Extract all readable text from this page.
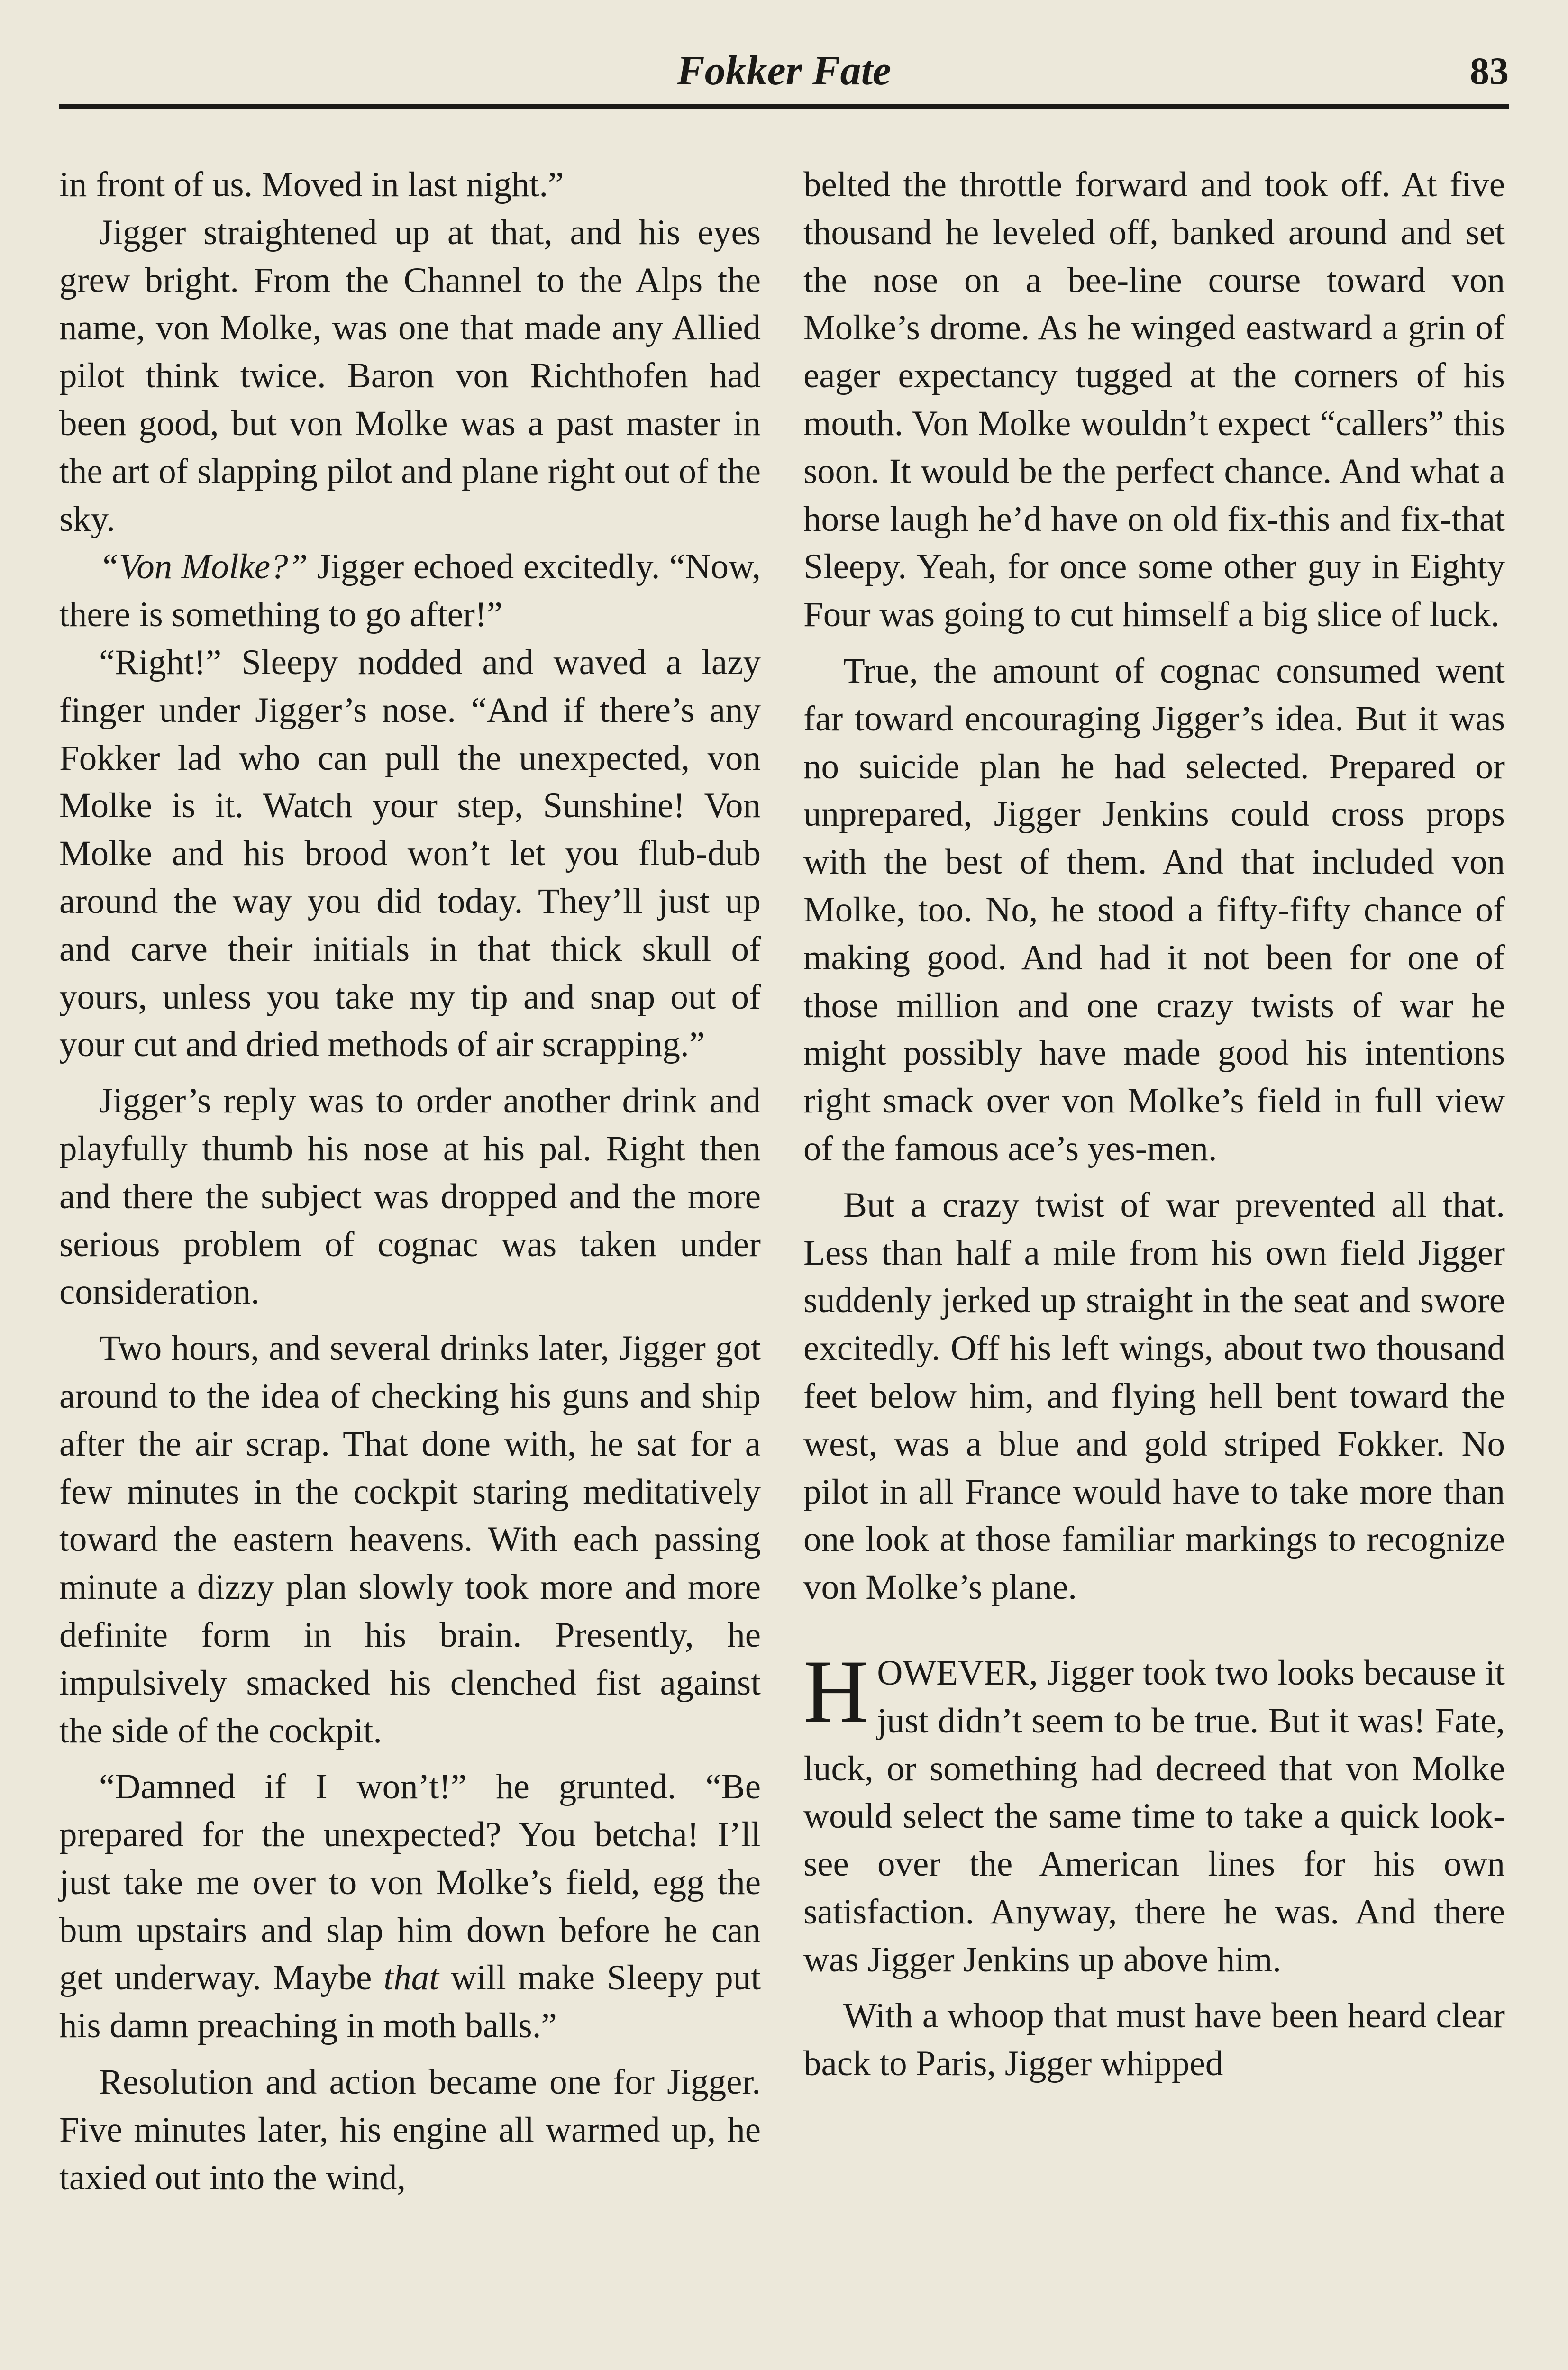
Fokker Fate	83

in front of us. Moved in last night.”

Jigger straightened up at that, and his eyes grew bright. From the Channel to the Alps the name, von Molke, was one that made any Allied pilot think twice. Baron von Richthofen had been good, but von Molke was a past master in the art of slapping pilot and plane right out of the sky.

“Von Molke?” Jigger echoed excitedly. “Now, there is something to go after!”

“Right!” Sleepy nodded and waved a lazy finger under Jigger’s nose. “And if there’s any Fokker lad who can pull the unexpected, von Molke is it. Watch your step, Sunshine! Von Molke and his brood won’t let you flub-dub around the way you did today. They’ll just up and carve their initials in that thick skull of yours, unless you take my tip and snap out of your cut and dried methods of air scrapping.”

Jigger’s reply was to order another drink and playfully thumb his nose at his pal. Right then and there the subject was dropped and the more serious problem of cognac was taken under consideration.

Two hours, and several drinks later, Jigger got around to the idea of checking his guns and ship after the air scrap. That done with, he sat for a few minutes in the cockpit staring meditatively toward the eastern heavens. With each passing minute a dizzy plan slowly took more and more definite form in his brain. Presently, he impulsively smacked his clenched fist against the side of the cockpit.

“Damned if I won’t!” he grunted. “Be prepared for the unexpected? You betcha! I’ll just take me over to von Molke’s field, egg the bum upstairs and slap him down before he can get underway. Maybe that will make Sleepy put his damn preaching in moth balls.”

Resolution and action became one for Jigger. Five minutes later, his engine all warmed up, he taxied out into the wind,

belted the throttle forward and took off. At five thousand he leveled off, banked around and set the nose on a bee-line course toward von Molke’s drome. As he winged eastward a grin of eager expectancy tugged at the corners of his mouth. Von Molke wouldn’t expect “callers” this soon. It would be the perfect chance. And what a horse laugh he’d have on old fix-this and fix-that Sleepy. Yeah, for once some other guy in Eighty Four was going to cut himself a big slice of luck.

True, the amount of cognac consumed went far toward encouraging Jigger’s idea. But it was no suicide plan he had selected. Prepared or unprepared, Jigger Jenkins could cross props with the best of them. And that included von Molke, too. No, he stood a fifty-fifty chance of making good. And had it not been for one of those million and one crazy twists of war he might possibly have made good his intentions right smack over von Molke’s field in full view of the famous ace’s yes-men.

But a crazy twist of war prevented all that. Less than half a mile from his own field Jigger suddenly jerked up straight in the seat and swore excitedly. Off his left wings, about two thousand feet below him, and flying hell bent toward the west, was a blue and gold striped Fokker. No pilot in all France would have to take more than one look at those familiar markings to recognize von Molke’s plane.

HOWEVER, Jigger took two looks because it just didn’t seem to be true. But it was! Fate, luck, or something had decreed that von Molke would select the same time to take a quick look-see over the American lines for his own satisfaction. Anyway, there he was. And there was Jigger Jenkins up above him.

With a whoop that must have been heard clear back to Paris, Jigger whipped
